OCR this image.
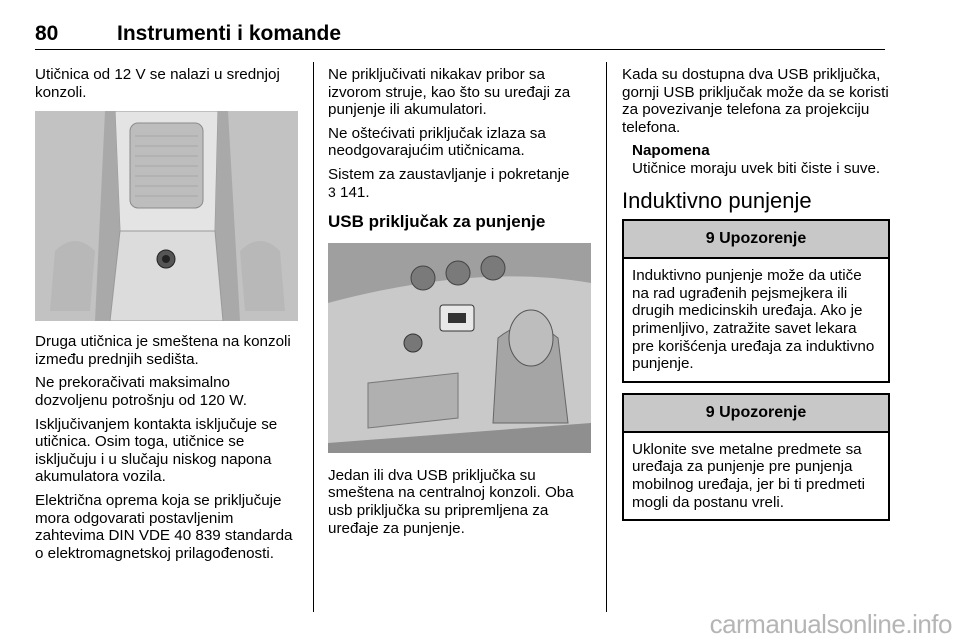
80	Instrumenti i komande

Utičnica od 12 V se nalazi u srednjoj konzoli.

Druga utičnica je smeštena na konzoli između prednjih sedišta.

Ne prekoračivati maksimalno dozvoljenu potrošnju od 120 W.

Isključivanjem kontakta isključuje se utičnica. Osim toga, utičnice se isključuju i u slučaju niskog napona akumulatora vozila.

Električna oprema koja se priključuje mora odgovarati postavljenim zahtevima DIN VDE 40 839 standarda o elektromagnetskoj prilagođenosti.

Ne priključivati nikakav pribor sa izvorom struje, kao što su uređaji za punjenje ili akumulatori.

Ne oštećivati priključak izlaza sa neodgovarajućim utičnicama.

Sistem za zaustavljanje i pokretanje
3 141.

USB priključak za punjenje

Jedan ili dva USB priključka su smeštena na centralnoj konzoli. Oba usb priključka su pripremljena za uređaje za punjenje.

Kada su dostupna dva USB priključka, gornji USB priključak može da se koristi za povezivanje telefona za projekciju telefona.

Napomena
Utičnice moraju uvek biti čiste i suve.
Induktivno punjenje
9 Upozorenje
Induktivno punjenje može da utiče na rad ugrađenih pejsmejkera ili drugih medicinskih uređaja. Ako je primenljivo, zatražite savet lekara pre korišćenja uređaja za induktivno punjenje.
9 Upozorenje
Uklonite sve metalne predmete sa uređaja za punjenje pre punjenja mobilnog uređaja, jer bi ti predmeti mogli da postanu vreli.
carmanualsonline.info
